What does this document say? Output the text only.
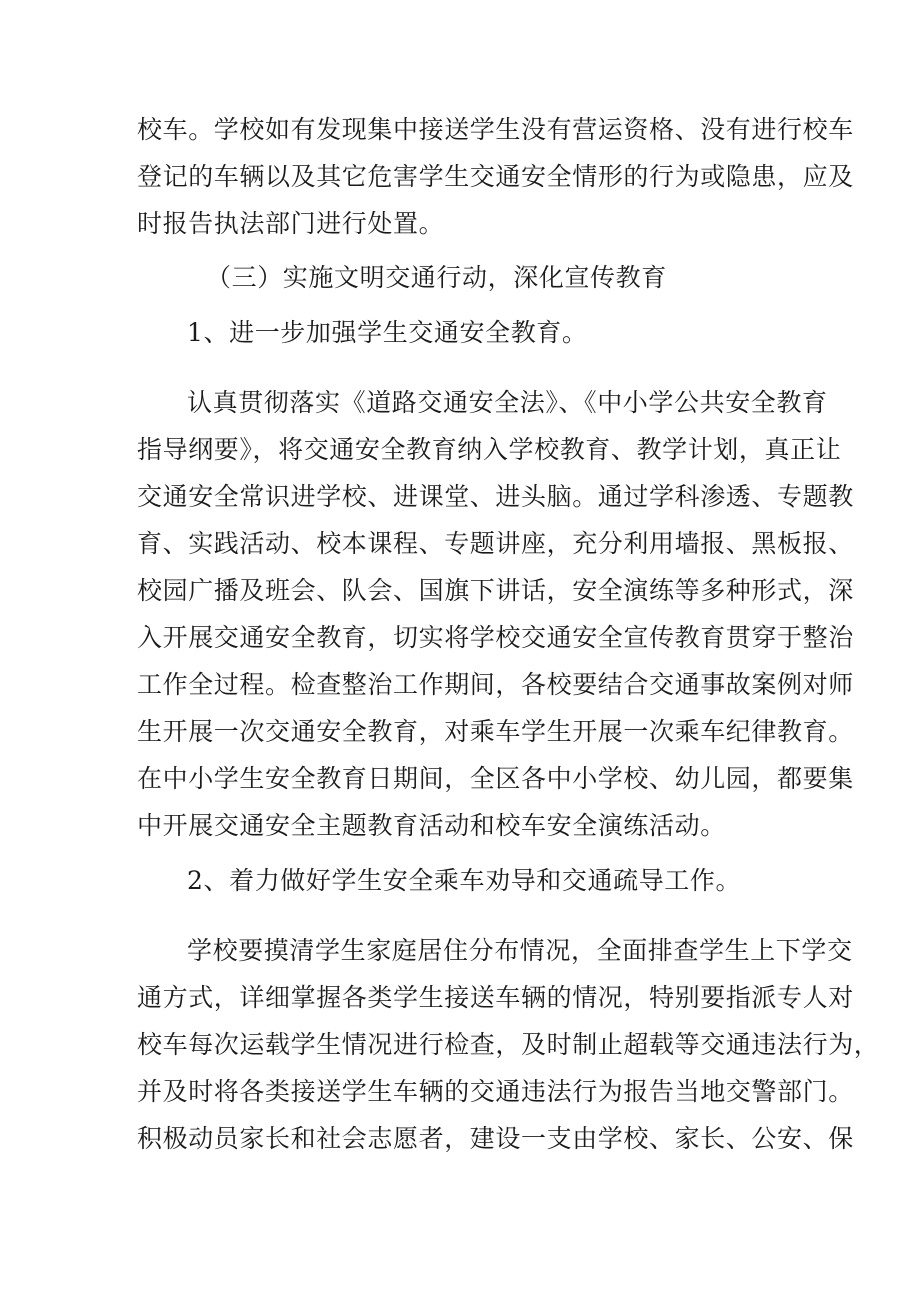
校车。学校如有发现集中接送学生没有营运资格、没有进行校车
登记的车辆以及其它危害学生交通安全情形的行为或隐患，应及
时报告执法部门进行处置。
（三）实施文明交通行动，深化宣传教育
1、进一步加强学生交通安全教育。
认真贯彻落实《道路交通安全法》、《中小学公共安全教育
指导纲要》，将交通安全教育纳入学校教育、教学计划，真正让
交通安全常识进学校、进课堂、进头脑。通过学科渗透、专题教
育、实践活动、校本课程、专题讲座，充分利用墙报、黑板报、
校园广播及班会、队会、国旗下讲话，安全演练等多种形式，深
入开展交通安全教育，切实将学校交通安全宣传教育贯穿于整治
工作全过程。检查整治工作期间，各校要结合交通事故案例对师
生开展一次交通安全教育，对乘车学生开展一次乘车纪律教育。
在中小学生安全教育日期间，全区各中小学校、幼儿园，都要集
中开展交通安全主题教育活动和校车安全演练活动。
2、着力做好学生安全乘车劝导和交通疏导工作。
学校要摸清学生家庭居住分布情况，全面排查学生上下学交
通方式，详细掌握各类学生接送车辆的情况，特别要指派专人对
校车每次运载学生情况进行检查，及时制止超载等交通违法行为，
并及时将各类接送学生车辆的交通违法行为报告当地交警部门。
积极动员家长和社会志愿者，建设一支由学校、家长、公安、保
